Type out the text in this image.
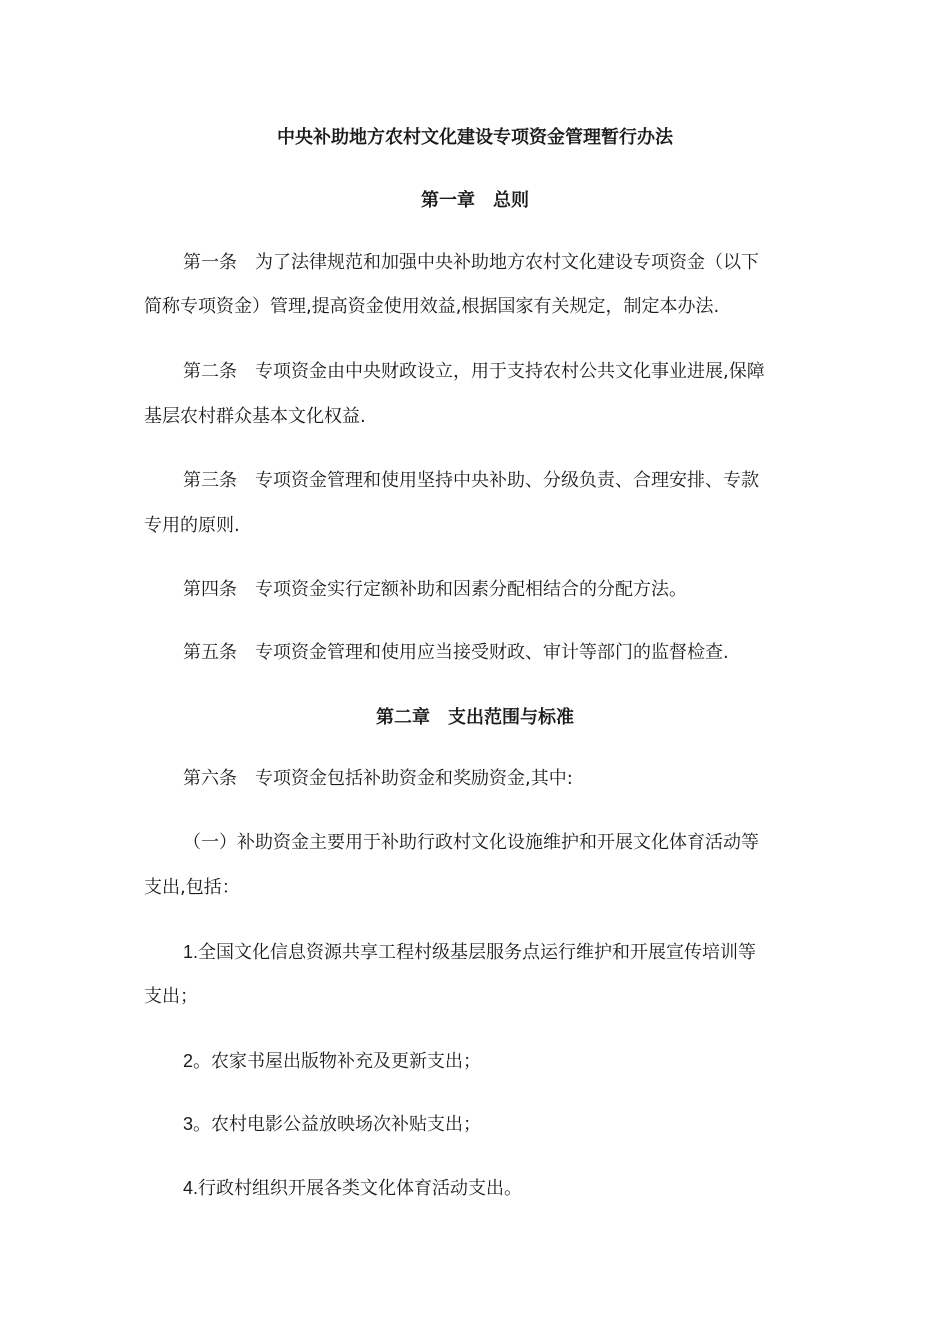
中央补助地方农村文化建设专项资金管理暂行办法
第一章　总则
第一条　为了法律规范和加强中央补助地方农村文化建设专项资金（以下
简称专项资金）管理,提高资金使用效益,根据国家有关规定，制定本办法.
第二条　专项资金由中央财政设立，用于支持农村公共文化事业进展,保障
基层农村群众基本文化权益.
第三条　专项资金管理和使用坚持中央补助、分级负责、合理安排、专款
专用的原则.
第四条　专项资金实行定额补助和因素分配相结合的分配方法。
第五条　专项资金管理和使用应当接受财政、审计等部门的监督检查.
第二章　支出范围与标准
第六条　专项资金包括补助资金和奖励资金,其中:
（一）补助资金主要用于补助行政村文化设施维护和开展文化体育活动等
支出,包括：
1.全国文化信息资源共享工程村级基层服务点运行维护和开展宣传培训等
支出；
2。农家书屋出版物补充及更新支出；
3。农村电影公益放映场次补贴支出；
4.行政村组织开展各类文化体育活动支出。
